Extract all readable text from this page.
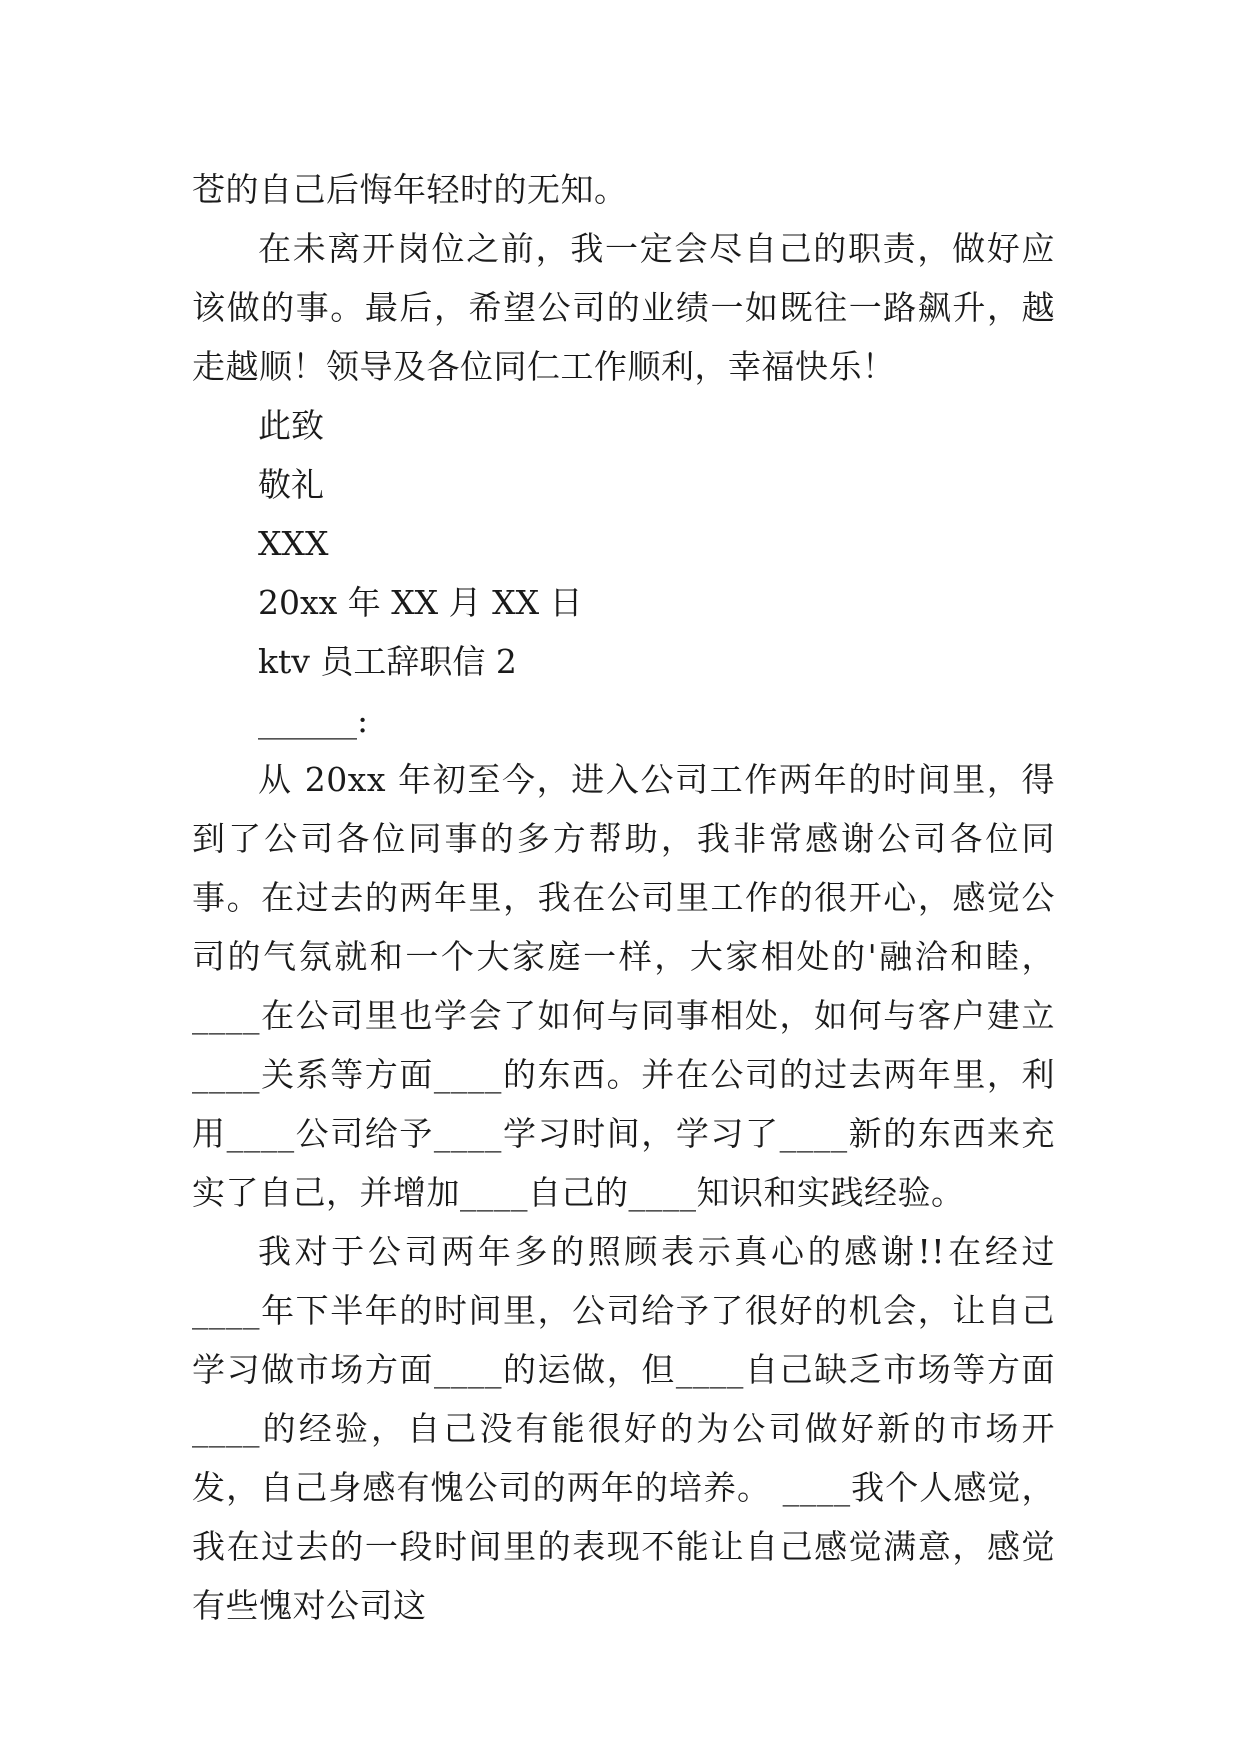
苍的自己后悔年轻时的无知。

在未离开岗位之前，我一定会尽自己的职责，做好应该做的事。最后，希望公司的业绩一如既往一路飙升，越走越顺！领导及各位同仁工作顺利，幸福快乐！

此致

敬礼

XXX

20xx 年 XX 月 XX 日

ktv 员工辞职信 2

______:

从 20xx 年初至今，进入公司工作两年的时间里，得到了公司各位同事的多方帮助，我非常感谢公司各位同事。在过去的两年里，我在公司里工作的很开心，感觉公司的气氛就和一个大家庭一样，大家相处的'融洽和睦，____在公司里也学会了如何与同事相处，如何与客户建立____关系等方面____的东西。并在公司的过去两年里，利用____公司给予____学习时间，学习了____新的东西来充实了自己，并增加____自己的____知识和实践经验。

我对于公司两年多的照顾表示真心的感谢!!在经过____年下半年的时间里，公司给予了很好的机会，让自己学习做市场方面____的运做，但____自己缺乏市场等方面____的经验，自己没有能很好的为公司做好新的市场开发，自己身感有愧公司的两年的培养。 ____我个人感觉，我在过去的一段时间里的表现不能让自己感觉满意，感觉有些愧对公司这
